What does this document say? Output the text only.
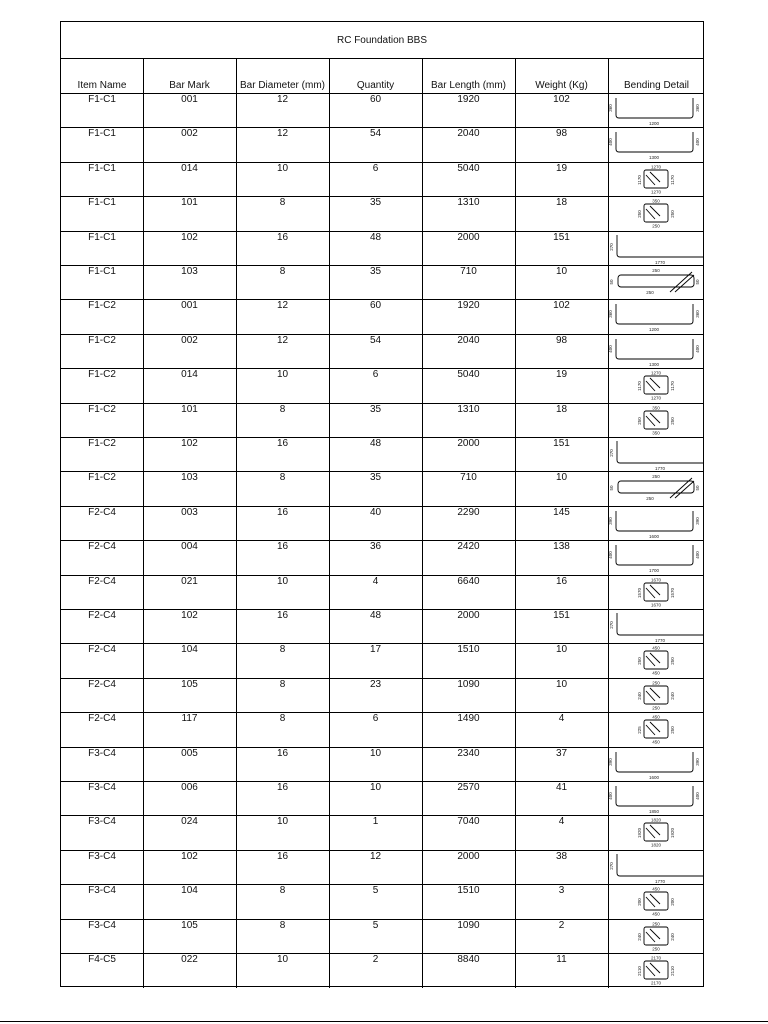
RC Foundation BBS
Item Name	Bar Mark	Bar Diameter (mm)	Quantity	Bar Length (mm)	Weight (Kg)	Bending Detail
F1-C1	001	12	60	1920	102
360
1200
360
F1-C1	002	12	54	2040	98
400
1300
400
F1-C1	014	10	6	5040	19	1270
1170	1170
1270
F1-C1	101	8	35	1310	18	350
250	250
250
F1-C1	102	16	48	2000	151
270
1770
F1-C1	103	8	35	710	10	250
50	50
250
F1-C2	001	12	60	1920	102
360
1200
360
F1-C2	002	12	54	2040	98
400
1300
400
F1-C2	014	10	6	5040	19	1270
1170	1170
1270
F1-C2	101	8	35	1310	18	350
250	250
350
F1-C2	102	16	48	2000	151
270
1770
F1-C2	103	8	35	710	10	250
50	50
250
F2-C4	003	16	40	2290	145
390
1600
390
F2-C4	004	16	36	2420	138
400
1700
400
F2-C4	021	10	4	6640	16	1670
1570	1570
1670
F2-C4	102	16	48	2000	151
270
1770
F2-C4	104	8	17	1510	10	450
250	250
450
F2-C4	105	8	23	1090	10	250
240	240
250
F2-C4	117	8	6	1490	4	450
225	250
450
F3-C4	005	16	10	2340	37
390
1600
390
F3-C4	006	16	10	2570	41
400
1850
400
F3-C4	024	10	1	7040	4	1820
1920	1920
1820
F3-C4	102	16	12	2000	38
270
1770
F3-C4	104	8	5	1510	3	450
200	200
450
F3-C4	105	8	5	1090	2	250
240	240
250
F4-C5	022	10	2	8840	11	2170
2110	2110
2170
